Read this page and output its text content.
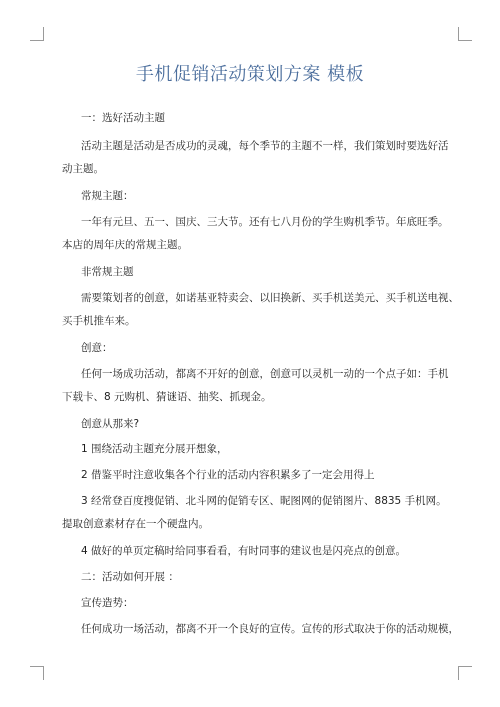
手机促销活动策划方案 模板

一：选好活动主题

活动主题是活动是否成功的灵魂，每个季节的主题不一样，我们策划时要选好活

动主题。

常规主题：

一年有元旦、五一、国庆、三大节。还有七八月份的学生购机季节。年底旺季。

本店的周年庆的常规主题。

非常规主题

需要策划者的创意，如诺基亚特卖会、以旧换新、买手机送美元、买手机送电视、

买手机推车来。

创意：

任何一场成功活动，都离不开好的创意，创意可以灵机一动的一个点子如：手机

下载卡、8 元购机、猜谜语、抽奖、抓现金。

创意从那来?

1 围绕活动主题充分展开想象，

2 借鉴平时注意收集各个行业的活动内容积累多了一定会用得上

3 经常登百度搜促销、北斗网的促销专区、昵图网的促销图片、8835 手机网。

提取创意素材存在一个硬盘内。

4 做好的单页定稿时给同事看看，有时同事的建议也是闪亮点的创意。

二：活动如何开展 ：

宣传造势：

任何成功一场活动，都离不开一个良好的宣传。宣传的形式取决于你的活动规模，
